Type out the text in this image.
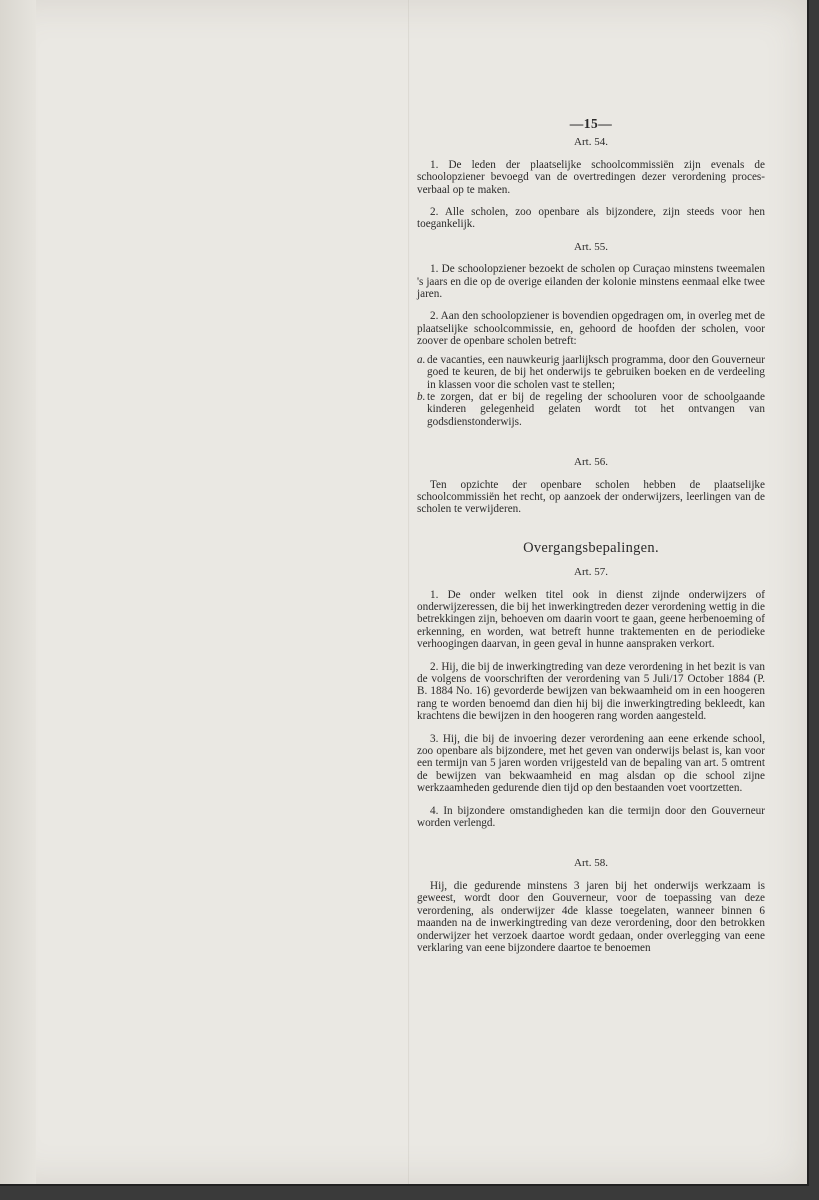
—15—
Art. 54.

1. De leden der plaatselijke schoolcommissiën zijn evenals de schoolopziener bevoegd van de overtredingen dezer verordening proces-verbaal op te maken.

2. Alle scholen, zoo openbare als bijzondere, zijn steeds voor hen toegankelijk.

Art. 55.

1. De schoolopziener bezoekt de scholen op Curaçao minstens tweemalen 's jaars en die op de overige eilanden der kolonie minstens eenmaal elke twee jaren.

2. Aan den schoolopziener is bovendien opgedragen om, in overleg met de plaatselijke schoolcommissie, en, gehoord de hoofden der scholen, voor zoover de openbare scholen betreft:

a. de vacanties, een nauwkeurig jaarlijksch programma, door den Gouverneur goed te keuren, de bij het onderwijs te gebruiken boeken en de verdeeling in klassen voor die scholen vast te stellen;
b. te zorgen, dat er bij de regeling der schooluren voor de schoolgaande kinderen gelegenheid gelaten wordt tot het ontvangen van godsdienstonderwijs.
Art. 56.

Ten opzichte der openbare scholen hebben de plaatselijke schoolcommissiën het recht, op aanzoek der onderwijzers, leerlingen van de scholen te verwijderen.

Overgangsbepalingen.
Art. 57.

1. De onder welken titel ook in dienst zijnde onderwijzers of onderwijzeressen, die bij het inwerkingtreden dezer verordening wettig in die betrekkingen zijn, behoeven om daarin voort te gaan, geene herbenoeming of erkenning, en worden, wat betreft hunne traktementen en de periodieke verhoogingen daarvan, in geen geval in hunne aanspraken verkort.

2. Hij, die bij de inwerkingtreding van deze verordening in het bezit is van de volgens de voorschriften der verordening van 5 Juli/17 October 1884 (P. B. 1884 No. 16) gevorderde bewijzen van bekwaamheid om in een hoogeren rang te worden benoemd dan dien hij bij die inwerkingtreding bekleedt, kan krachtens die bewijzen in den hoogeren rang worden aangesteld.

3. Hij, die bij de invoering dezer verordening aan eene erkende school, zoo openbare als bijzondere, met het geven van onderwijs belast is, kan voor een termijn van 5 jaren worden vrijgesteld van de bepaling van art. 5 omtrent de bewijzen van bekwaamheid en mag alsdan op die school zijne werkzaamheden gedurende dien tijd op den bestaanden voet voortzetten.

4. In bijzondere omstandigheden kan die termijn door den Gouverneur worden verlengd.

Art. 58.

Hij, die gedurende minstens 3 jaren bij het onderwijs werkzaam is geweest, wordt door den Gouverneur, voor de toepassing van deze verordening, als onderwijzer 4de klasse toegelaten, wanneer binnen 6 maanden na de inwerkingtreding van deze verordening, door den betrokken onderwijzer het verzoek daartoe wordt gedaan, onder overlegging van eene verklaring van eene bijzondere daartoe te benoemen
